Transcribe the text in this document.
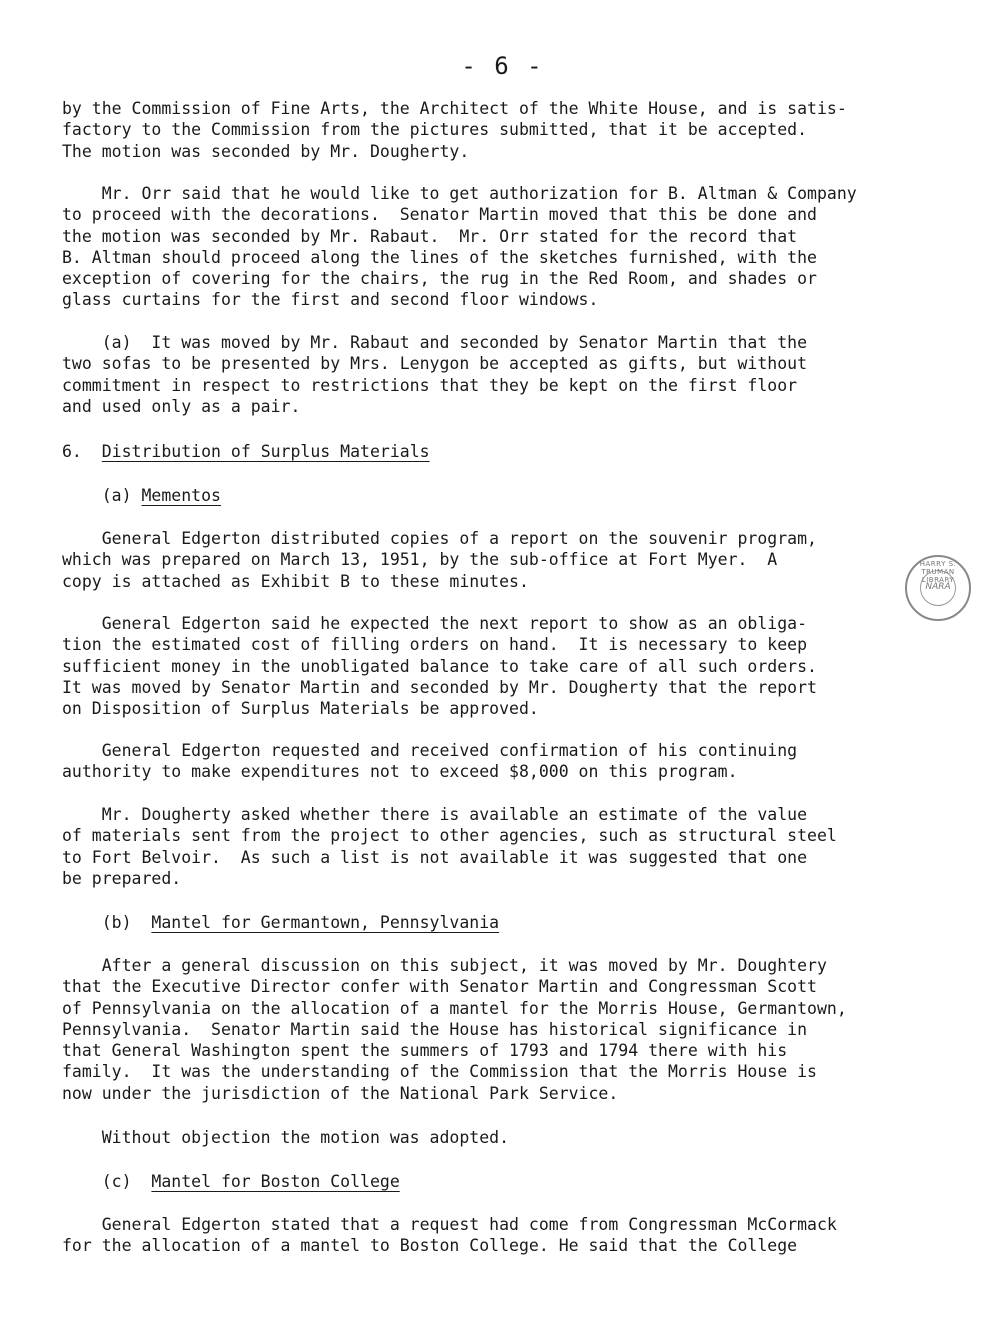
- 6 -
by the Commission of Fine Arts, the Architect of the White House, and is satis-
factory to the Commission from the pictures submitted, that it be accepted.
The motion was seconded by Mr. Dougherty.
Mr. Orr said that he would like to get authorization for B. Altman & Company
to proceed with the decorations.  Senator Martin moved that this be done and
the motion was seconded by Mr. Rabaut.  Mr. Orr stated for the record that
B. Altman should proceed along the lines of the sketches furnished, with the
exception of covering for the chairs, the rug in the Red Room, and shades or
glass curtains for the first and second floor windows.
(a)  It was moved by Mr. Rabaut and seconded by Senator Martin that the
two sofas to be presented by Mrs. Lenygon be accepted as gifts, but without
commitment in respect to restrictions that they be kept on the first floor
and used only as a pair.
6.  Distribution of Surplus Materials
(a) Mementos
General Edgerton distributed copies of a report on the souvenir program,
which was prepared on March 13, 1951, by the sub-office at Fort Myer.  A
copy is attached as Exhibit B to these minutes.
General Edgerton said he expected the next report to show as an obliga-
tion the estimated cost of filling orders on hand.  It is necessary to keep
sufficient money in the unobligated balance to take care of all such orders.
It was moved by Senator Martin and seconded by Mr. Dougherty that the report
on Disposition of Surplus Materials be approved.
General Edgerton requested and received confirmation of his continuing
authority to make expenditures not to exceed $8,000 on this program.
Mr. Dougherty asked whether there is available an estimate of the value
of materials sent from the project to other agencies, such as structural steel
to Fort Belvoir.  As such a list is not available it was suggested that one
be prepared.
(b)  Mantel for Germantown, Pennsylvania
After a general discussion on this subject, it was moved by Mr. Doughtery
that the Executive Director confer with Senator Martin and Congressman Scott
of Pennsylvania on the allocation of a mantel for the Morris House, Germantown,
Pennsylvania.  Senator Martin said the House has historical significance in
that General Washington spent the summers of 1793 and 1794 there with his
family.  It was the understanding of the Commission that the Morris House is
now under the jurisdiction of the National Park Service.
Without objection the motion was adopted.
(c)  Mantel for Boston College
General Edgerton stated that a request had come from Congressman McCormack
for the allocation of a mantel to Boston College. He said that the College
HARRY S. TRUMAN LIBRARY
NARA
